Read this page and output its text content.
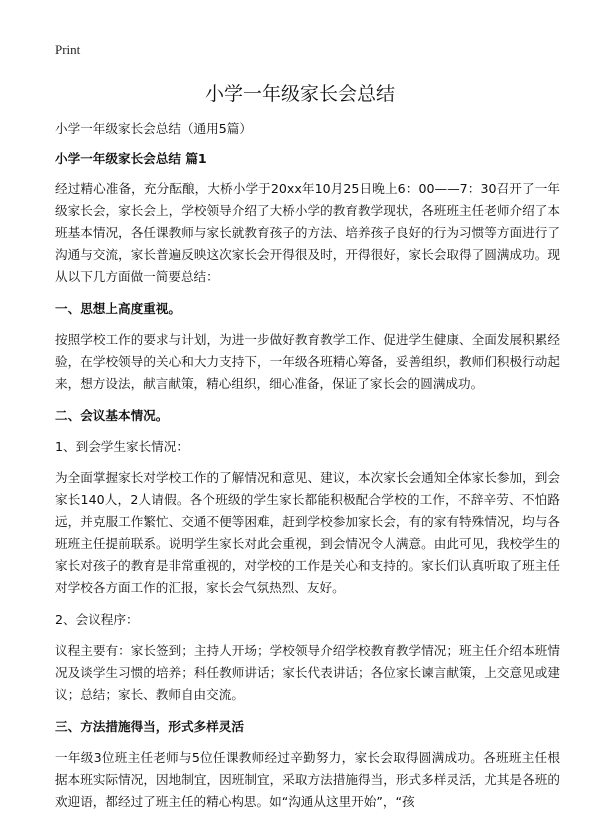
Print
小学一年级家长会总结

小学一年级家长会总结（通用5篇）

小学一年级家长会总结 篇1

经过精心准备，充分酝酿，大桥小学于20xx年10月25日晚上6：00——7：30召开了一年级家长会，家长会上，学校领导介绍了大桥小学的教育教学现状，各班班主任老师介绍了本班基本情况，各任课教师与家长就教育孩子的方法、培养孩子良好的行为习惯等方面进行了沟通与交流，家长普遍反映这次家长会开得很及时，开得很好，家长会取得了圆满成功。现从以下几方面做一简要总结：

一、思想上高度重视。

按照学校工作的要求与计划，为进一步做好教育教学工作、促进学生健康、全面发展积累经验，在学校领导的关心和大力支持下，一年级各班精心筹备，妥善组织，教师们积极行动起来，想方设法，献言献策，精心组织，细心准备，保证了家长会的圆满成功。

二、会议基本情况。

1、到会学生家长情况：

为全面掌握家长对学校工作的了解情况和意见、建议，本次家长会通知全体家长参加，到会家长140人，2人请假。各个班级的学生家长都能积极配合学校的工作，不辞辛劳、不怕路远，并克服工作繁忙、交通不便等困难，赶到学校参加家长会，有的家有特殊情况，均与各班班主任提前联系。说明学生家长对此会重视，到会情况令人满意。由此可见，我校学生的家长对孩子的教育是非常重视的，对学校的工作是关心和支持的。家长们认真听取了班主任对学校各方面工作的汇报，家长会气氛热烈、友好。

2、会议程序：

议程主要有：家长签到；主持人开场；学校领导介绍学校教育教学情况；班主任介绍本班情况及谈学生习惯的培养；科任教师讲话；家长代表讲话；各位家长谏言献策，上交意见或建议；总结；家长、教师自由交流。

三、方法措施得当，形式多样灵活

一年级3位班主任老师与5位任课教师经过辛勤努力，家长会取得圆满成功。各班班主任根据本班实际情况，因地制宜，因班制宜，采取方法措施得当，形式多样灵活，尤其是各班的欢迎语，都经过了班主任的精心构思。如“沟通从这里开始”，“孩
